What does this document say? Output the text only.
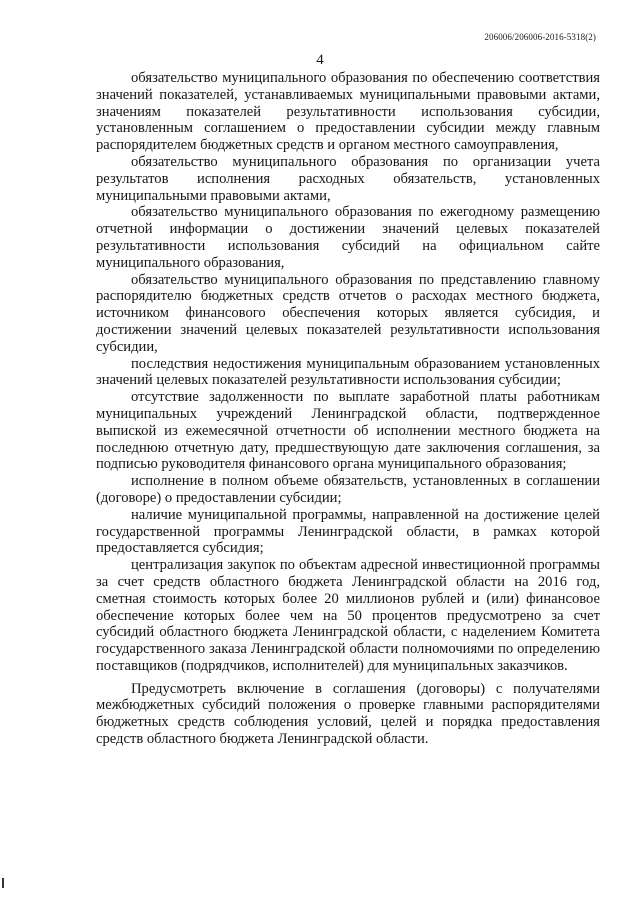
206006/206006-2016-5318(2)
4

обязательство муниципального образования по обеспечению соответствия значений показателей, устанавливаемых муниципальными правовыми актами, значениям показателей результативности использования субсидии, установленным соглашением о предоставлении субсидии между главным распорядителем бюджетных средств и органом местного самоуправления,

обязательство муниципального образования по организации учета результатов исполнения расходных обязательств, установленных муниципальными правовыми актами,

обязательство муниципального образования по ежегодному размещению отчетной информации о достижении значений целевых показателей результативности использования субсидий на официальном сайте муниципального образования,

обязательство муниципального образования по представлению главному распорядителю бюджетных средств отчетов о расходах местного бюджета, источником финансового обеспечения которых является субсидия, и достижении значений целевых показателей результативности использования субсидии,

последствия недостижения муниципальным образованием установленных значений целевых показателей результативности использования субсидии;

отсутствие задолженности по выплате заработной платы работникам муниципальных учреждений Ленинградской области, подтвержденное выпиской из ежемесячной отчетности об исполнении местного бюджета на последнюю отчетную дату, предшествующую дате заключения соглашения, за подписью руководителя финансового органа муниципального образования;

исполнение в полном объеме обязательств, установленных в соглашении (договоре) о предоставлении субсидии;

наличие муниципальной программы, направленной на достижение целей государственной программы Ленинградской области, в рамках которой предоставляется субсидия;

централизация закупок по объектам адресной инвестиционной программы за счет средств областного бюджета Ленинградской области на 2016 год, сметная стоимость которых более 20 миллионов рублей и (или) финансовое обеспечение которых более чем на 50 процентов предусмотрено за счет субсидий областного бюджета Ленинградской области, с наделением Комитета государственного заказа Ленинградской области полномочиями по определению поставщиков (подрядчиков, исполнителей) для муниципальных заказчиков.

Предусмотреть включение в соглашения (договоры) с получателями межбюджетных субсидий положения о проверке главными распорядителями бюджетных средств соблюдения условий, целей и порядка предоставления средств областного бюджета Ленинградской области.
